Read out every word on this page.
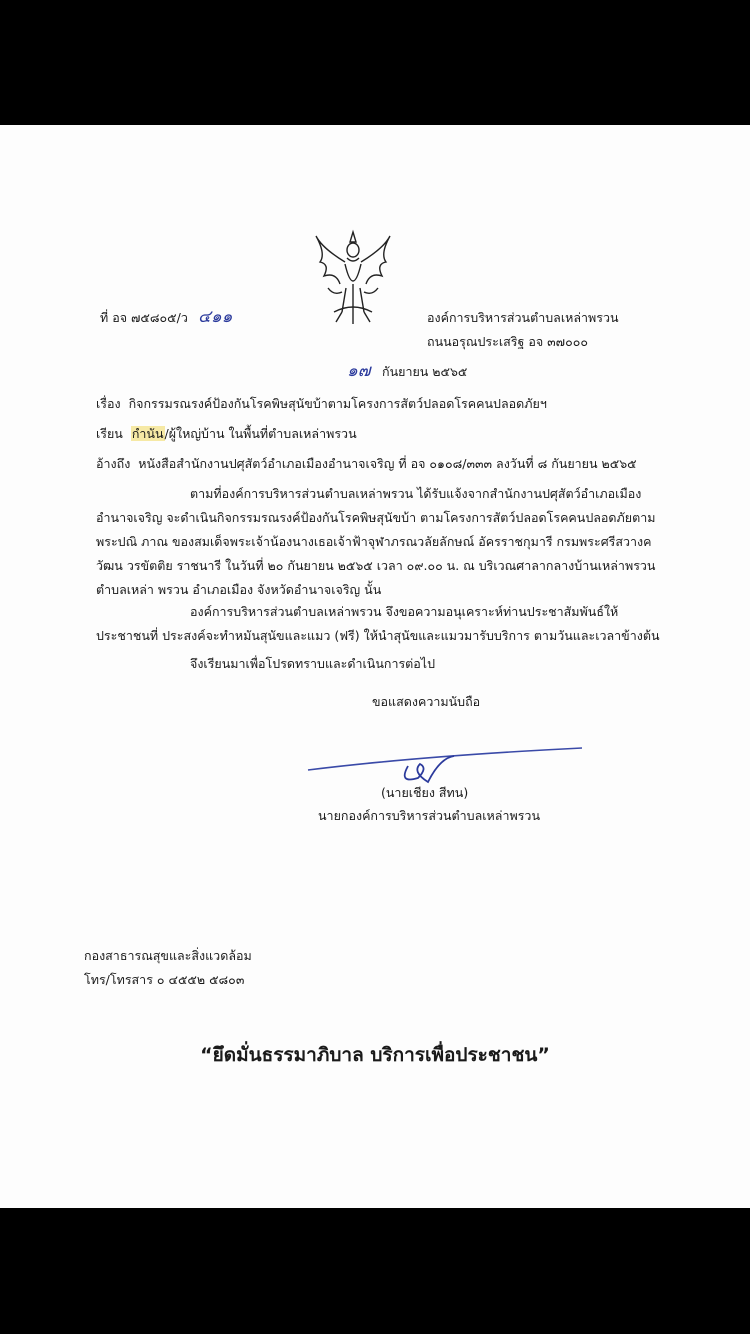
ที่ อจ ๗๕๘๐๕/ว ๔๑๑	องค์การบริหารส่วนตำบลเหล่าพรวน
ถนนอรุณประเสริฐ อจ ๓๗๐๐๐
๑๗ กันยายน ๒๕๖๕
เรื่อง กิจกรรมรณรงค์ป้องกันโรคพิษสุนัขบ้าตามโครงการสัตว์ปลอดโรคคนปลอดภัยฯ
เรียน กำนัน/ผู้ใหญ่บ้าน ในพื้นที่ตำบลเหล่าพรวน
อ้างถึง หนังสือสำนักงานปศุสัตว์อำเภอเมืองอำนาจเจริญ ที่ อจ ๐๑๐๘/๓๓๓ ลงวันที่ ๘ กันยายน ๒๕๖๕
ตามที่องค์การบริหารส่วนตำบลเหล่าพรวน ได้รับแจ้งจากสำนักงานปศุสัตว์อำเภอเมือง อำนาจเจริญ จะดำเนินกิจกรรมรณรงค์ป้องกันโรคพิษสุนัขบ้า ตามโครงการสัตว์ปลอดโรคคนปลอดภัยตามพระปณิ ภาณ ของสมเด็จพระเจ้าน้องนางเธอเจ้าฟ้าจุฬาภรณวลัยลักษณ์ อัครราชกุมารี กรมพระศรีสวางควัฒน วรขัตติย ราชนารี ในวันที่ ๒๐ กันยายน ๒๕๖๕ เวลา ๐๙.๐๐ น. ณ บริเวณศาลากลางบ้านเหล่าพรวน ตำบลเหล่า พรวน อำเภอเมือง จังหวัดอำนาจเจริญ นั้น
องค์การบริหารส่วนตำบลเหล่าพรวน จึงขอความอนุเคราะห์ท่านประชาสัมพันธ์ให้ประชาชนที่ ประสงค์จะทำหมันสุนัขและแมว (ฟรี) ให้นำสุนัขและแมวมารับบริการ ตามวันและเวลาข้างต้น
จึงเรียนมาเพื่อโปรดทราบและดำเนินการต่อไป
ขอแสดงความนับถือ
(นายเชียง สีทน)
นายกองค์การบริหารส่วนตำบลเหล่าพรวน
กองสาธารณสุขและสิ่งแวดล้อม
โทร/โทรสาร ๐ ๔๕๕๒ ๕๘๐๓
“ยึดมั่นธรรมาภิบาล บริการเพื่อประชาชน”
